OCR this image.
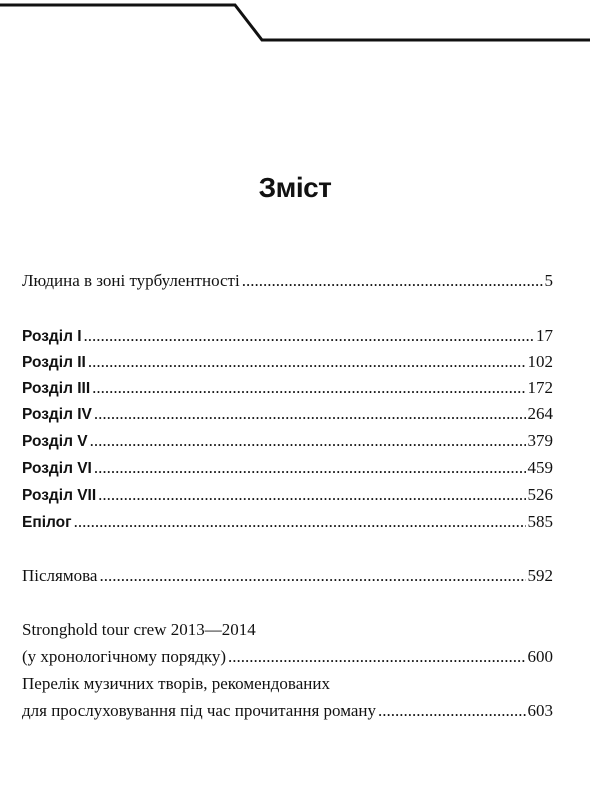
Зміст
Людина в зоні турбулентності .....	5
Розділ I .....	17
Розділ II .....	102
Розділ III .....	172
Розділ IV .....	264
Розділ V .....	379
Розділ VI .....	459
Розділ VII .....	526
Епілог .....	585
Післямова .....	592
Stronghold tour crew 2013—2014
(у хронологічному порядку) .....	600
Перелік музичних творів, рекомендованих
для прослуховування під час прочитання роману .....	603
